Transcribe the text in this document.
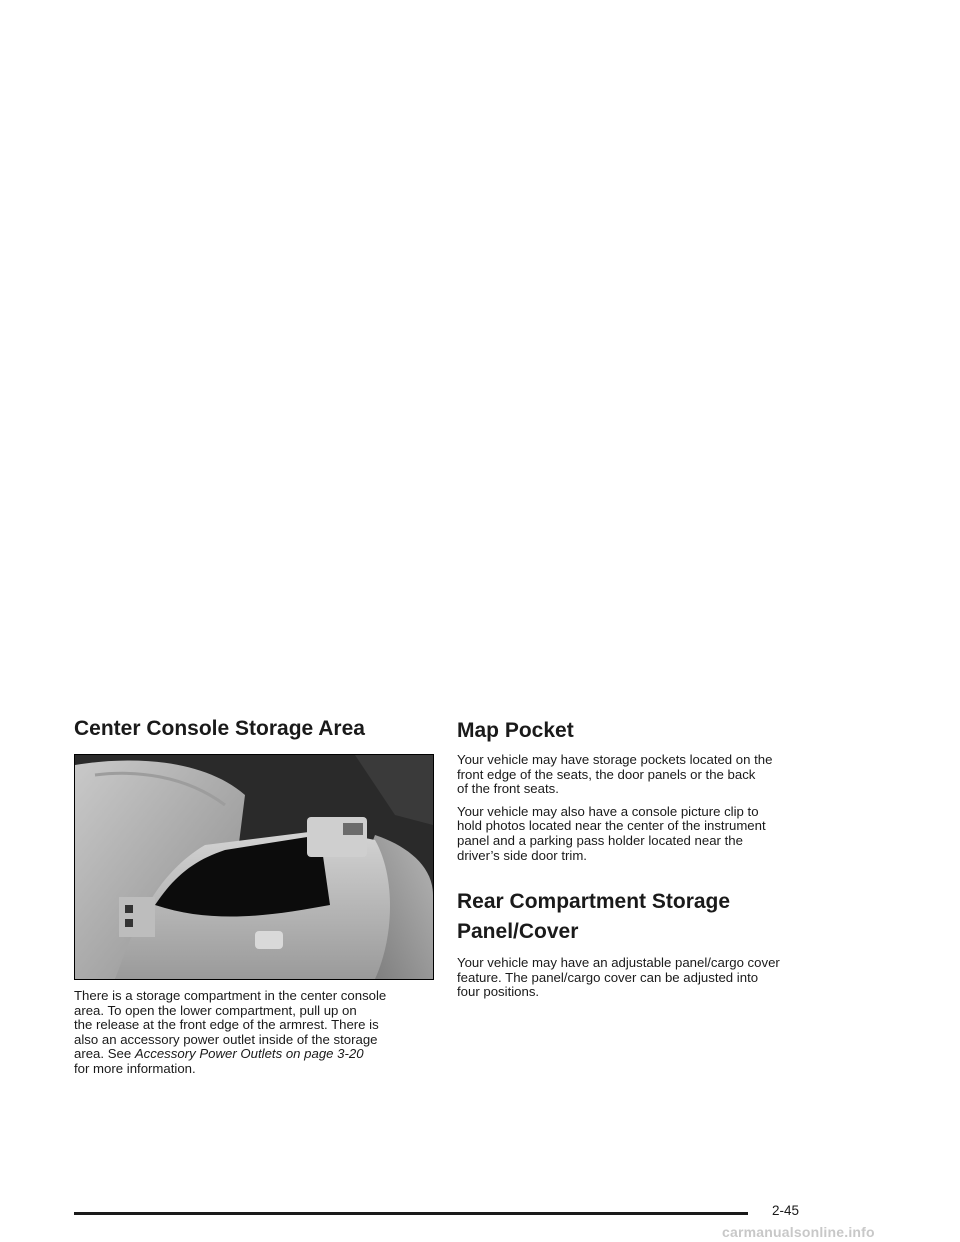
Center Console Storage Area

There is a storage compartment in the center console
area. To open the lower compartment, pull up on
the release at the front edge of the armrest. There is
also an accessory power outlet inside of the storage
area. See Accessory Power Outlets on page 3-20
for more information.

Map Pocket

Your vehicle may have storage pockets located on the
front edge of the seats, the door panels or the back
of the front seats.

Your vehicle may also have a console picture clip to
hold photos located near the center of the instrument
panel and a parking pass holder located near the
driver’s side door trim.

Rear Compartment Storage
Panel/Cover

Your vehicle may have an adjustable panel/cargo cover
feature. The panel/cargo cover can be adjusted into
four positions.

2-45
carmanualsonline.info
